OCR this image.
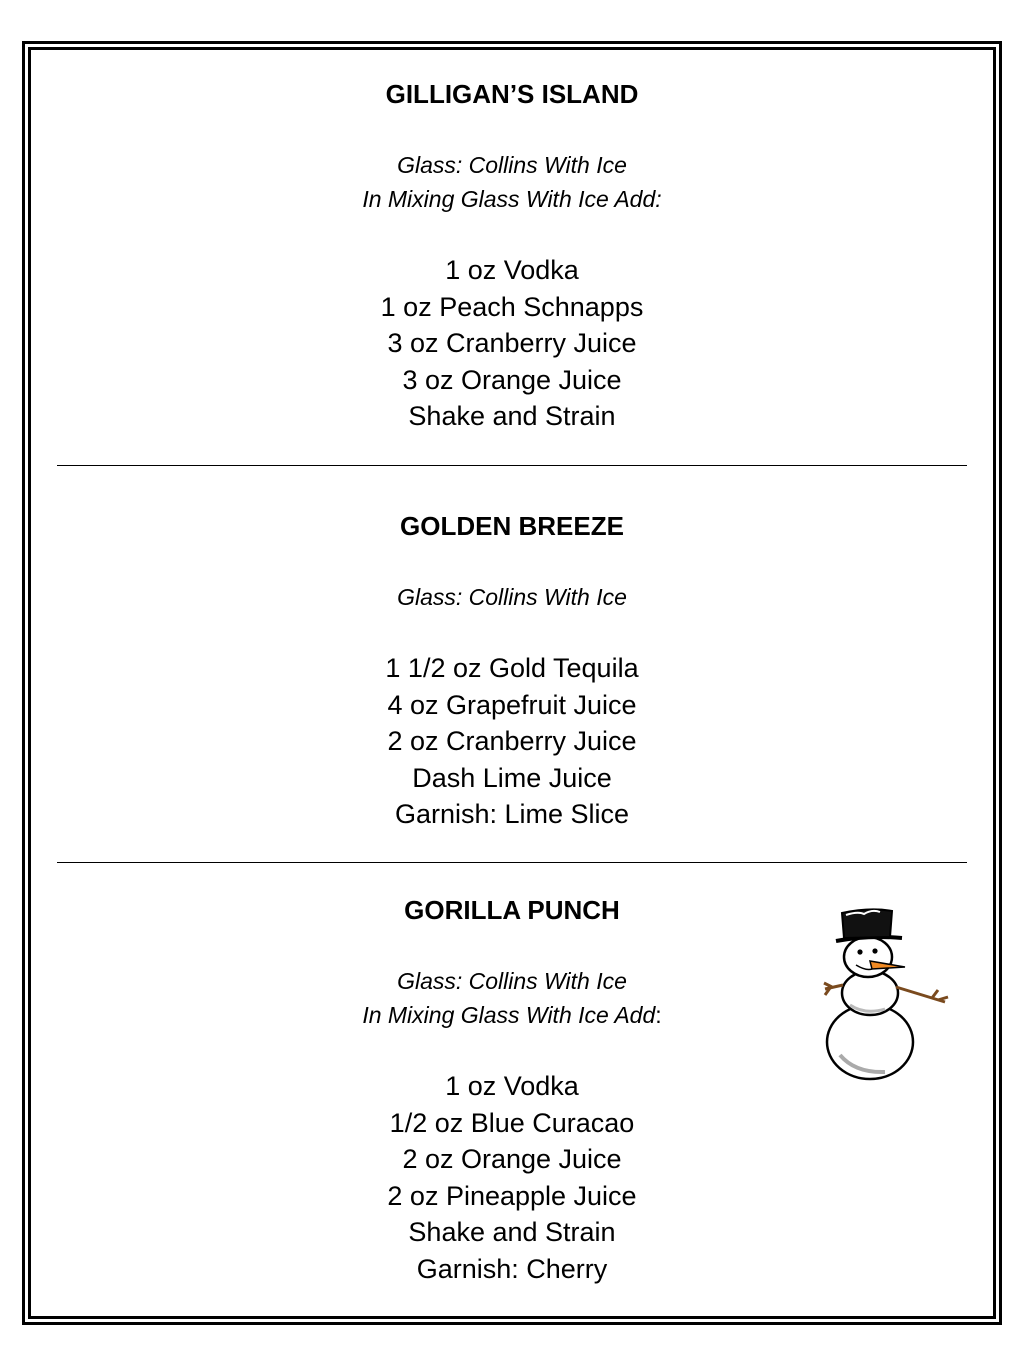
GILLIGAN’S ISLAND

Glass: Collins With Ice

In Mixing Glass With Ice Add:

1 oz Vodka

1 oz Peach Schnapps

3 oz Cranberry Juice

3 oz Orange Juice

Shake and Strain

GOLDEN BREEZE

Glass: Collins With Ice

1 1/2 oz Gold Tequila

4 oz Grapefruit Juice

2 oz Cranberry Juice

Dash Lime Juice

Garnish: Lime Slice

GORILLA PUNCH

Glass: Collins With Ice

In Mixing Glass With Ice Add:

1 oz Vodka

1/2 oz Blue Curacao

2 oz Orange Juice

2 oz Pineapple Juice

Shake and Strain

Garnish: Cherry
